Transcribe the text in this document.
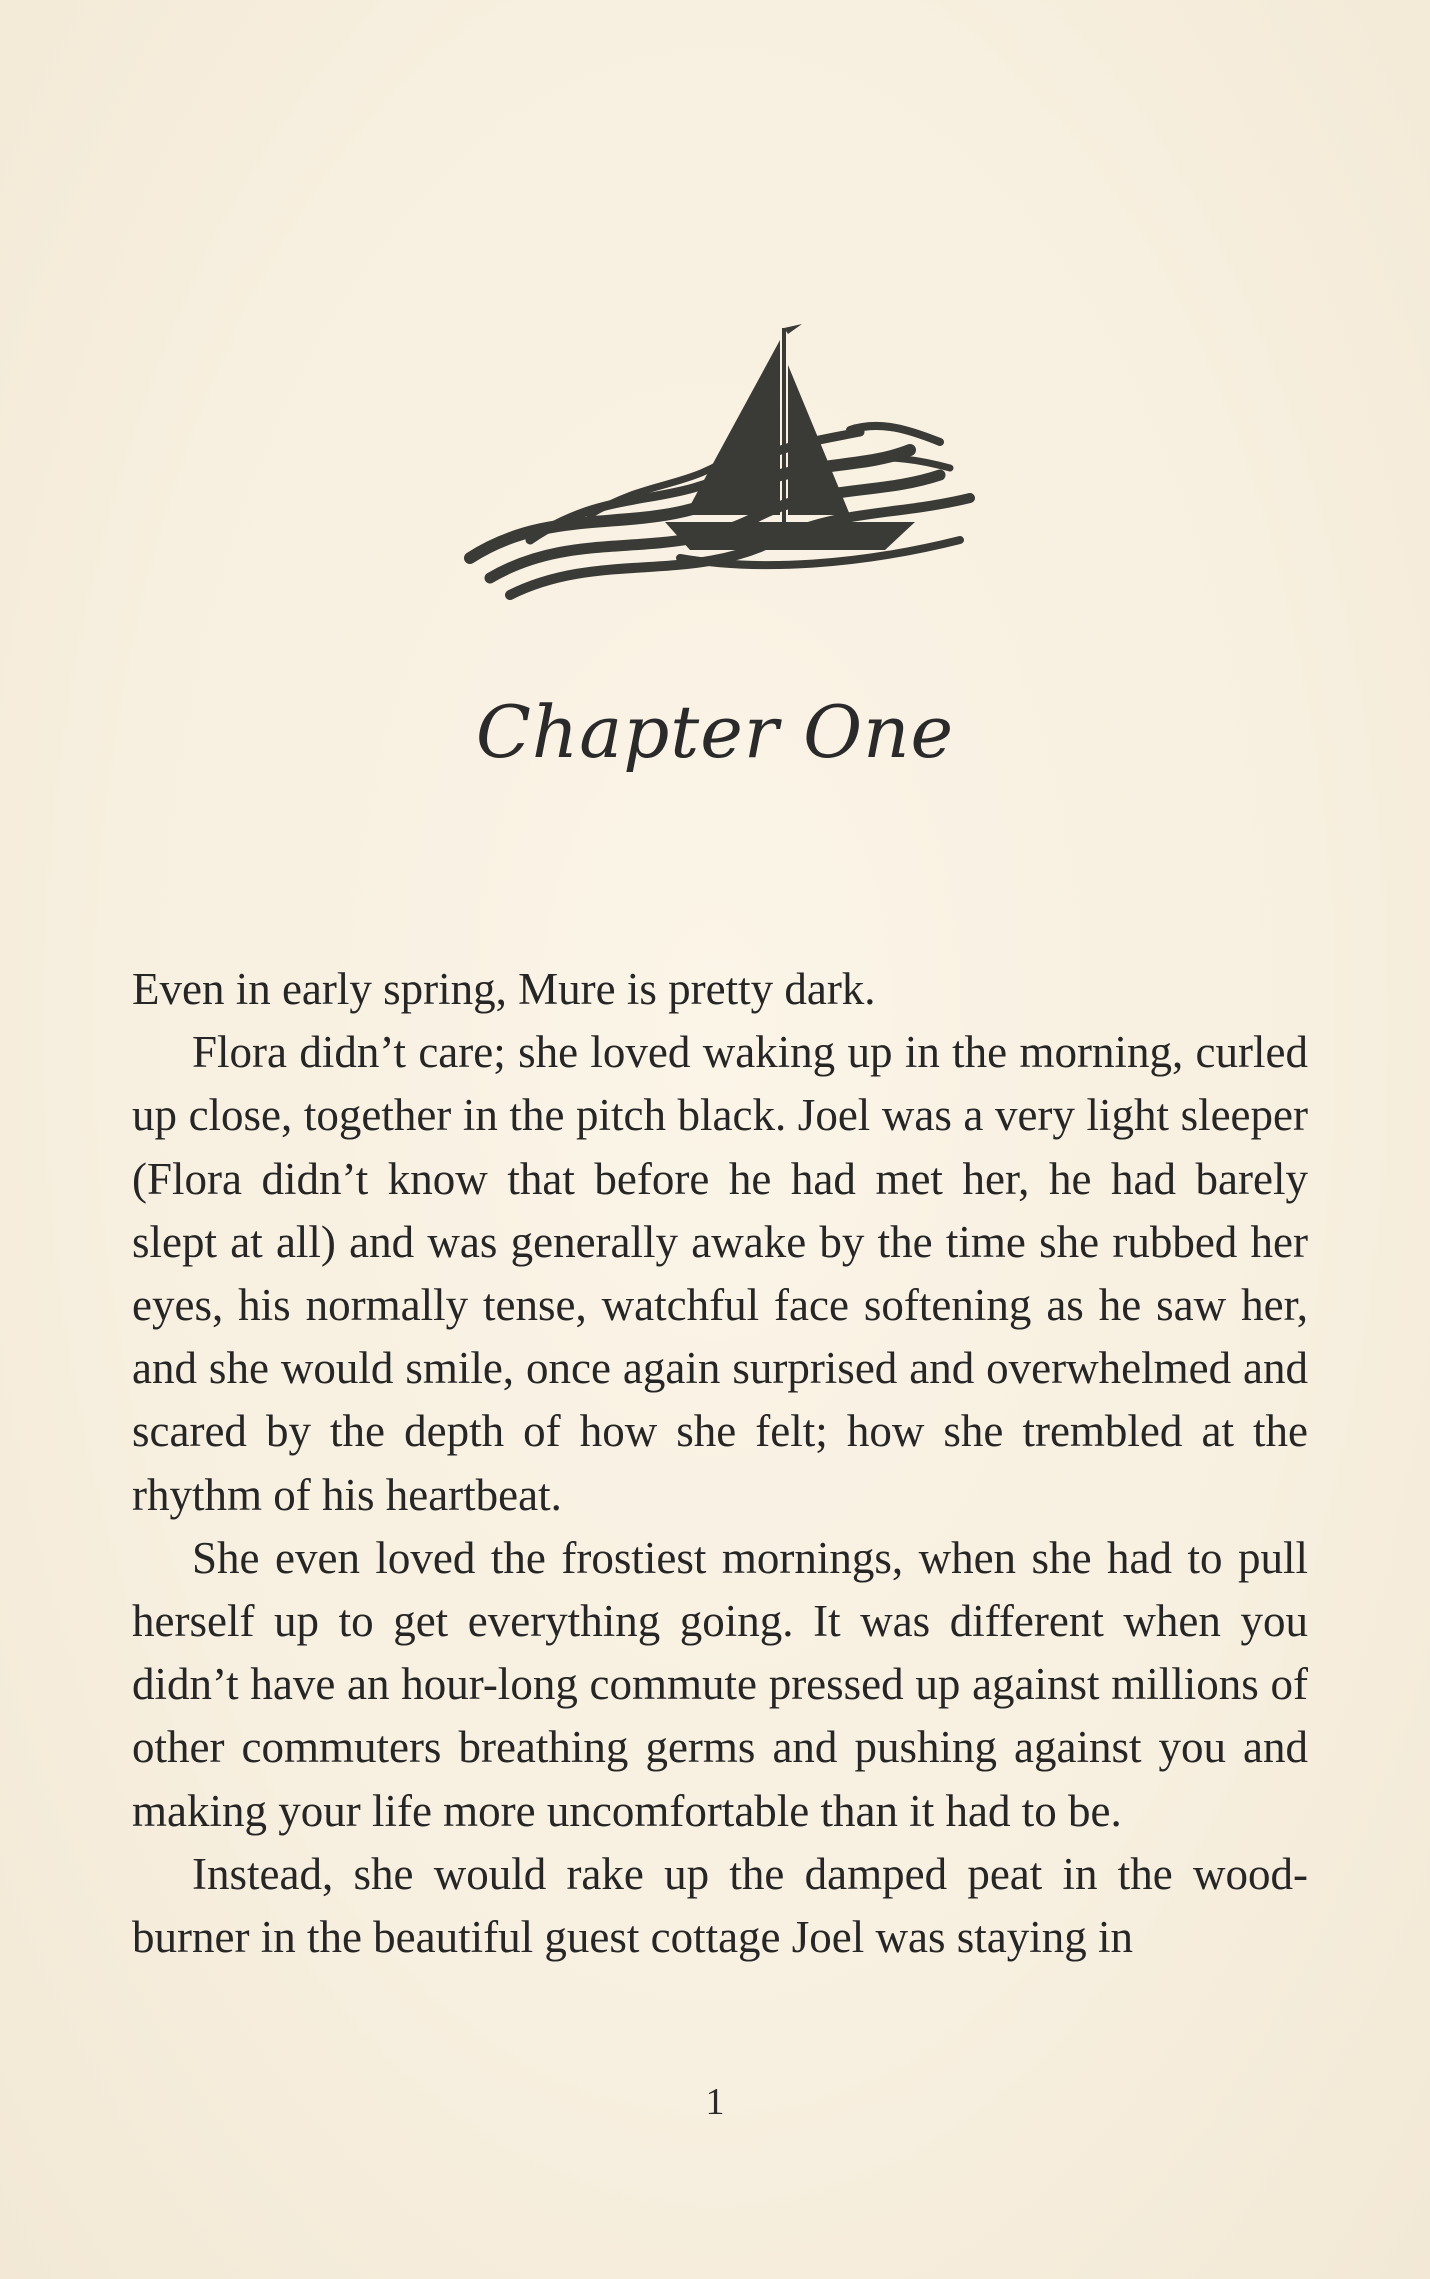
Chapter One

Even in early spring, Mure is pretty dark.

Flora didn’t care; she loved waking up in the morning, curled up close, together in the pitch black. Joel was a very light sleeper (Flora didn’t know that before he had met her, he had barely slept at all) and was generally awake by the time she rubbed her eyes, his normally tense, watchful face softening as he saw her, and she would smile, once again surprised and overwhelmed and scared by the depth of how she felt; how she trembled at the rhythm of his heartbeat.

She even loved the frostiest mornings, when she had to pull herself up to get everything going. It was different when you didn’t have an hour-long commute pressed up against millions of other commuters breathing germs and pushing against you and making your life more uncomfortable than it had to be.

Instead, she would rake up the damped peat in the wood-burner in the beautiful guest cottage Joel was staying in

1
